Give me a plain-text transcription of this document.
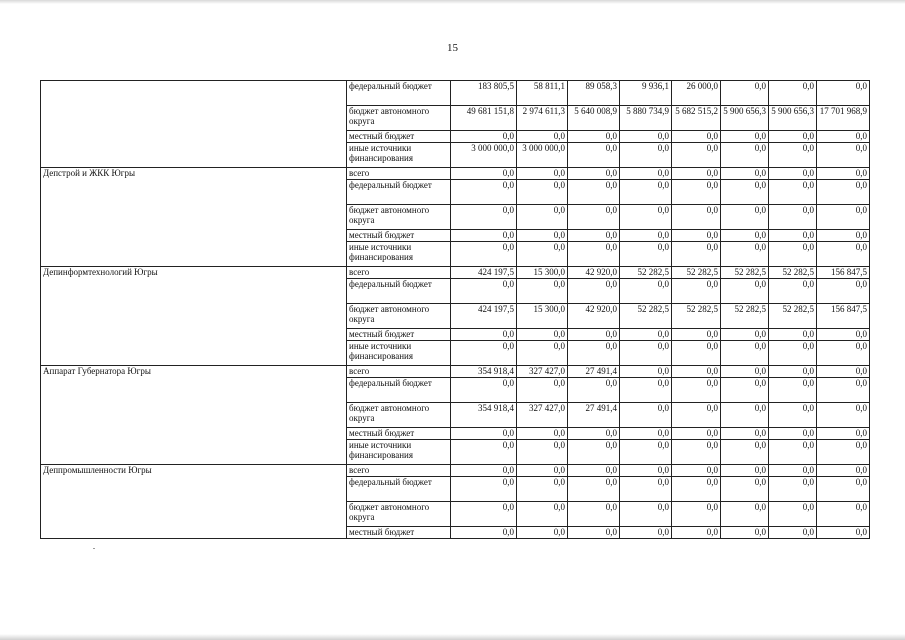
15
	федеральный бюджет	183 805,5	58 811,1	89 058,3	9 936,1	26 000,0	0,0	0,0	0,0
	бюджет автономного округа	49 681 151,8	2 974 611,3	5 640 008,9	5 880 734,9	5 682 515,2	5 900 656,3	5 900 656,3	17 701 968,9
	местный бюджет	0,0	0,0	0,0	0,0	0,0	0,0	0,0	0,0
	иные источники финансирования	3 000 000,0	3 000 000,0	0,0	0,0	0,0	0,0	0,0	0,0
Депстрой и ЖКК Югры	всего	0,0	0,0	0,0	0,0	0,0	0,0	0,0	0,0
	федеральный бюджет	0,0	0,0	0,0	0,0	0,0	0,0	0,0	0,0
	бюджет автономного округа	0,0	0,0	0,0	0,0	0,0	0,0	0,0	0,0
	местный бюджет	0,0	0,0	0,0	0,0	0,0	0,0	0,0	0,0
	иные источники финансирования	0,0	0,0	0,0	0,0	0,0	0,0	0,0	0,0
Депинформтехнологий Югры	всего	424 197,5	15 300,0	42 920,0	52 282,5	52 282,5	52 282,5	52 282,5	156 847,5
	федеральный бюджет	0,0	0,0	0,0	0,0	0,0	0,0	0,0	0,0
	бюджет автономного округа	424 197,5	15 300,0	42 920,0	52 282,5	52 282,5	52 282,5	52 282,5	156 847,5
	местный бюджет	0,0	0,0	0,0	0,0	0,0	0,0	0,0	0,0
	иные источники финансирования	0,0	0,0	0,0	0,0	0,0	0,0	0,0	0,0
Аппарат Губернатора Югры	всего	354 918,4	327 427,0	27 491,4	0,0	0,0	0,0	0,0	0,0
	федеральный бюджет	0,0	0,0	0,0	0,0	0,0	0,0	0,0	0,0
	бюджет автономного округа	354 918,4	327 427,0	27 491,4	0,0	0,0	0,0	0,0	0,0
	местный бюджет	0,0	0,0	0,0	0,0	0,0	0,0	0,0	0,0
	иные источники финансирования	0,0	0,0	0,0	0,0	0,0	0,0	0,0	0,0
Деппромышленности Югры	всего	0,0	0,0	0,0	0,0	0,0	0,0	0,0	0,0
	федеральный бюджет	0,0	0,0	0,0	0,0	0,0	0,0	0,0	0,0
	бюджет автономного округа	0,0	0,0	0,0	0,0	0,0	0,0	0,0	0,0
	местный бюджет	0,0	0,0	0,0	0,0	0,0	0,0	0,0	0,0
